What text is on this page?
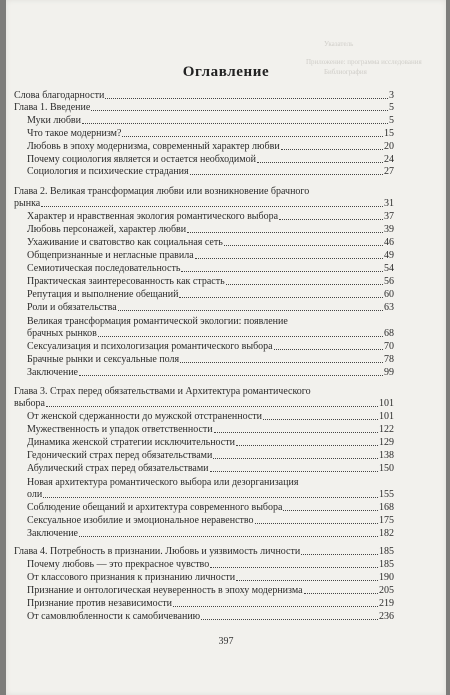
Указатель
Приложение: программа исследования
Библиография
Оглавление
Слова благодарности	3
Глава 1. Введение	5
Муки любви	5
Что такое модернизм?	15
Любовь в эпоху модернизма, современный характер любви	20
Почему социология является и остается необходимой	24
Социология и психические страдания	27
Глава 2. Великая трансформация любви или возникновение брачного
рынка	31
Характер и нравственная экология романтического выбора	37
Любовь персонажей, характер любви	39
Ухаживание и сватовство как социальная сеть	46
Общепризнанные и негласные правила	49
Семиотическая последовательность	54
Практическая заинтересованность как страсть	56
Репутация и выполнение обещаний	60
Роли и обязательства	63
Великая трансформация романтической экологии: появление
брачных рынков	68
Сексуализация и психологизация романтического выбора	70
Брачные рынки и сексуальные поля	78
Заключение	99
Глава 3. Страх перед обязательствами и Архитектура романтического
выбора	101
От женской сдержанности до мужской отстраненности	101
Мужественность и упадок ответственности	122
Динамика женской стратегии исключительности	129
Гедонический страх перед обязательствами	138
Абулический страх перед обязательствами	150
Новая архитектура романтического выбора или дезорганизация
оли	155
Соблюдение обещаний и архитектура современного выбора	168
Сексуальное изобилие и эмоциональное неравенство	175
Заключение	182
Глава 4. Потребность в признании. Любовь и уязвимость личности	185
Почему любовь — это прекрасное чувство	185
От классового признания к признанию личности	190
Признание и онтологическая неуверенность в эпоху модернизма	205
Признание против независимости	219
От самовлюбленности к самобичеванию	236
397
